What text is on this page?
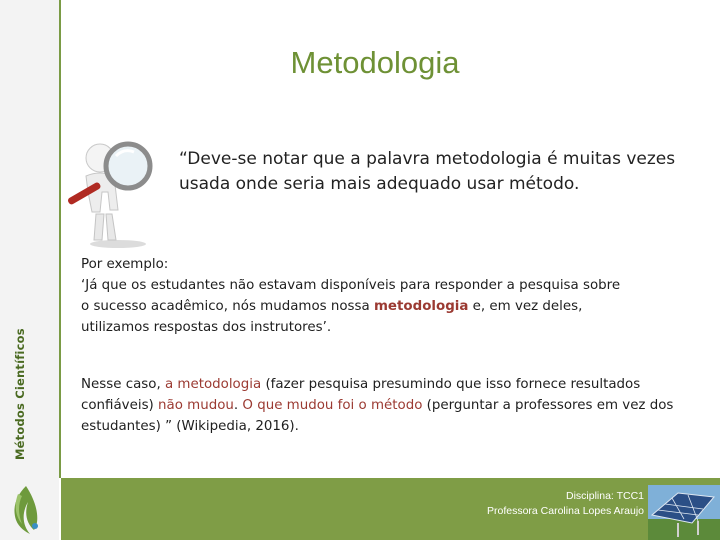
Métodos Científicos
Metodologia
“Deve-se notar que a palavra metodologia é muitas vezes usada onde seria mais adequado usar método.
Por exemplo:
‘Já que os estudantes não estavam disponíveis para responder a pesquisa sobre
o sucesso acadêmico, nós mudamos nossa metodologia e, em vez deles,
utilizamos respostas dos instrutores’.
Nesse caso, a metodologia (fazer pesquisa presumindo que isso fornece resultados confiáveis) não mudou. O que mudou foi o método (perguntar a professores em vez dos estudantes) ” (Wikipedia, 2016).
Disciplina: TCC1
Professora Carolina Lopes Araujo
